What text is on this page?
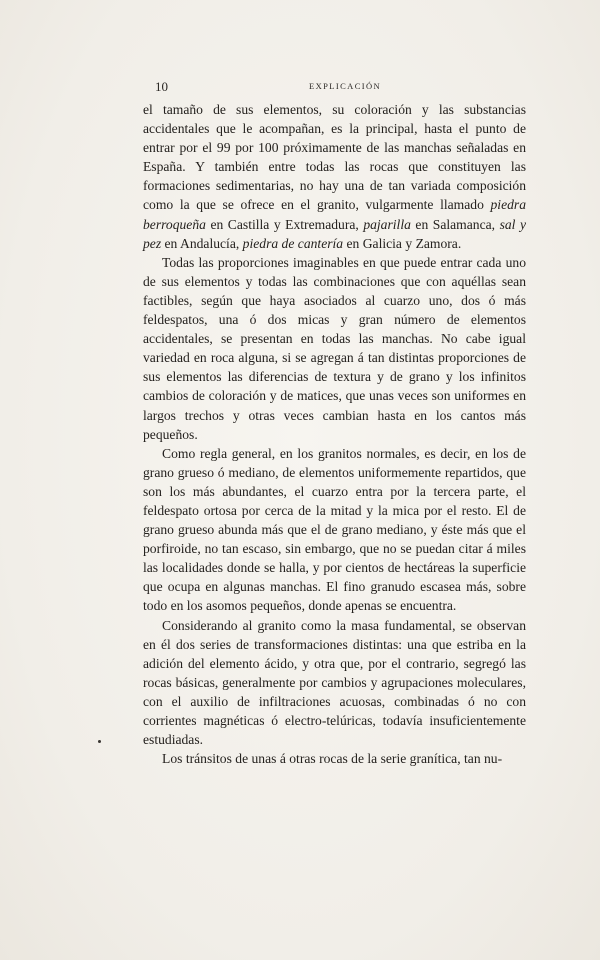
10	EXPLICACIÓN

el tamaño de sus elementos, su coloración y las substancias accidentales que le acompañan, es la principal, hasta el punto de entrar por el 99 por 100 próximamente de las manchas señaladas en España. Y también entre todas las rocas que constituyen las formaciones sedimentarias, no hay una de tan variada composición como la que se ofrece en el granito, vulgarmente llamado piedra berroqueña en Castilla y Extremadura, pajarilla en Salamanca, sal y pez en Andalucía, piedra de cantería en Galicia y Zamora.

Todas las proporciones imaginables en que puede entrar cada uno de sus elementos y todas las combinaciones que con aquéllas sean factibles, según que haya asociados al cuarzo uno, dos ó más feldespatos, una ó dos micas y gran número de elementos accidentales, se presentan en todas las manchas. No cabe igual variedad en roca alguna, si se agregan á tan distintas proporciones de sus elementos las diferencias de textura y de grano y los infinitos cambios de coloración y de matices, que unas veces son uniformes en largos trechos y otras veces cambian hasta en los cantos más pequeños.

Como regla general, en los granitos normales, es decir, en los de grano grueso ó mediano, de elementos uniformemente repartidos, que son los más abundantes, el cuarzo entra por la tercera parte, el feldespato ortosa por cerca de la mitad y la mica por el resto. El de grano grueso abunda más que el de grano mediano, y éste más que el porfiroide, no tan escaso, sin embargo, que no se puedan citar á miles las localidades donde se halla, y por cientos de hectáreas la superficie que ocupa en algunas manchas. El fino granudo escasea más, sobre todo en los asomos pequeños, donde apenas se encuentra.

Considerando al granito como la masa fundamental, se observan en él dos series de transformaciones distintas: una que estriba en la adición del elemento ácido, y otra que, por el contrario, segregó las rocas básicas, generalmente por cambios y agrupaciones moleculares, con el auxilio de infiltraciones acuosas, combinadas ó no con corrientes magnéticas ó electro-telúricas, todavía insuficientemente estudiadas.

Los tránsitos de unas á otras rocas de la serie granítica, tan nu-
